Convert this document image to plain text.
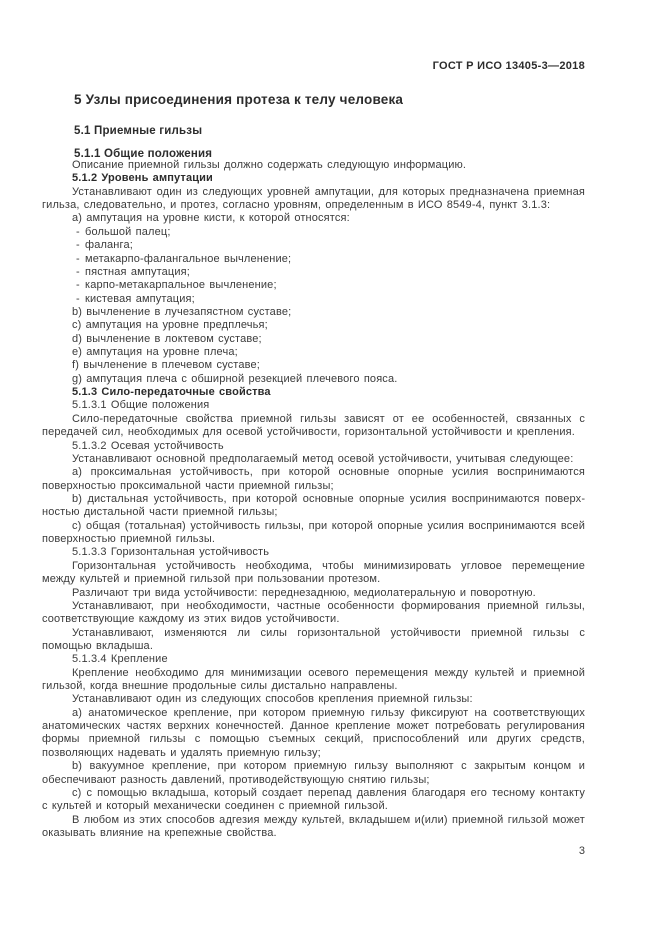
ГОСТ Р ИСО 13405-3—2018
5 Узлы присоединения протеза к телу человека
5.1 Приемные гильзы
5.1.1 Общие положения
Описание приемной гильзы должно содержать следующую информацию.
5.1.2 Уровень ампутации
Устанавливают один из следующих уровней ампутации, для которых предназначена приемная гильза, следовательно, и протез, согласно уровням, определенным в ИСО 8549-4, пункт 3.1.3:
а) ампутация на уровне кисти, к которой относятся:
- большой палец;
- фаланга;
- метакарпо-фалангальное вычленение;
- пястная ампутация;
- карпо-метакарпальное вычленение;
- кистевая ампутация;
b) вычленение в лучезапястном суставе;
с) ампутация на уровне предплечья;
d) вычленение в локтевом суставе;
е) ампутация на уровне плеча;
f) вычленение в плечевом суставе;
g) ампутация плеча с обширной резекцией плечевого пояса.
5.1.3 Сило-передаточные свойства
5.1.3.1 Общие положения
Сило-передаточные свойства приемной гильзы зависят от ее особенностей, связанных с передачей сил, необходимых для осевой устойчивости, горизонтальной устойчивости и крепления.
5.1.3.2 Осевая устойчивость
Устанавливают основной предполагаемый метод осевой устойчивости, учитывая следующее:
а) проксимальная устойчивость, при которой основные опорные усилия воспринимаются поверхностью проксимальной части приемной гильзы;
b) дистальная устойчивость, при которой основные опорные усилия воспринимаются поверхностью дистальной части приемной гильзы;
с) общая (тотальная) устойчивость гильзы, при которой опорные усилия воспринимаются всей поверхностью приемной гильзы.
5.1.3.3 Горизонтальная устойчивость
Горизонтальная устойчивость необходима, чтобы минимизировать угловое перемещение между культей и приемной гильзой при пользовании протезом.
Различают три вида устойчивости: переднезаднюю, медиолатеральную и поворотную.
Устанавливают, при необходимости, частные особенности формирования приемной гильзы, соответствующие каждому из этих видов устойчивости.
Устанавливают, изменяются ли силы горизонтальной устойчивости приемной гильзы с помощью вкладыша.
5.1.3.4 Крепление
Крепление необходимо для минимизации осевого перемещения между культей и приемной гильзой, когда внешние продольные силы дистально направлены.
Устанавливают один из следующих способов крепления приемной гильзы:
а) анатомическое крепление, при котором приемную гильзу фиксируют на соответствующих анатомических частях верхних конечностей. Данное крепление может потребовать регулирования формы приемной гильзы с помощью съемных секций, приспособлений или других средств, позволяющих надевать и удалять приемную гильзу;
b) вакуумное крепление, при котором приемную гильзу выполняют с закрытым концом и обеспечивают разность давлений, противодействующую снятию гильзы;
с) с помощью вкладыша, который создает перепад давления благодаря его тесному контакту с культей и который механически соединен с приемной гильзой.
В любом из этих способов адгезия между культей, вкладышем и(или) приемной гильзой может оказывать влияние на крепежные свойства.
3
